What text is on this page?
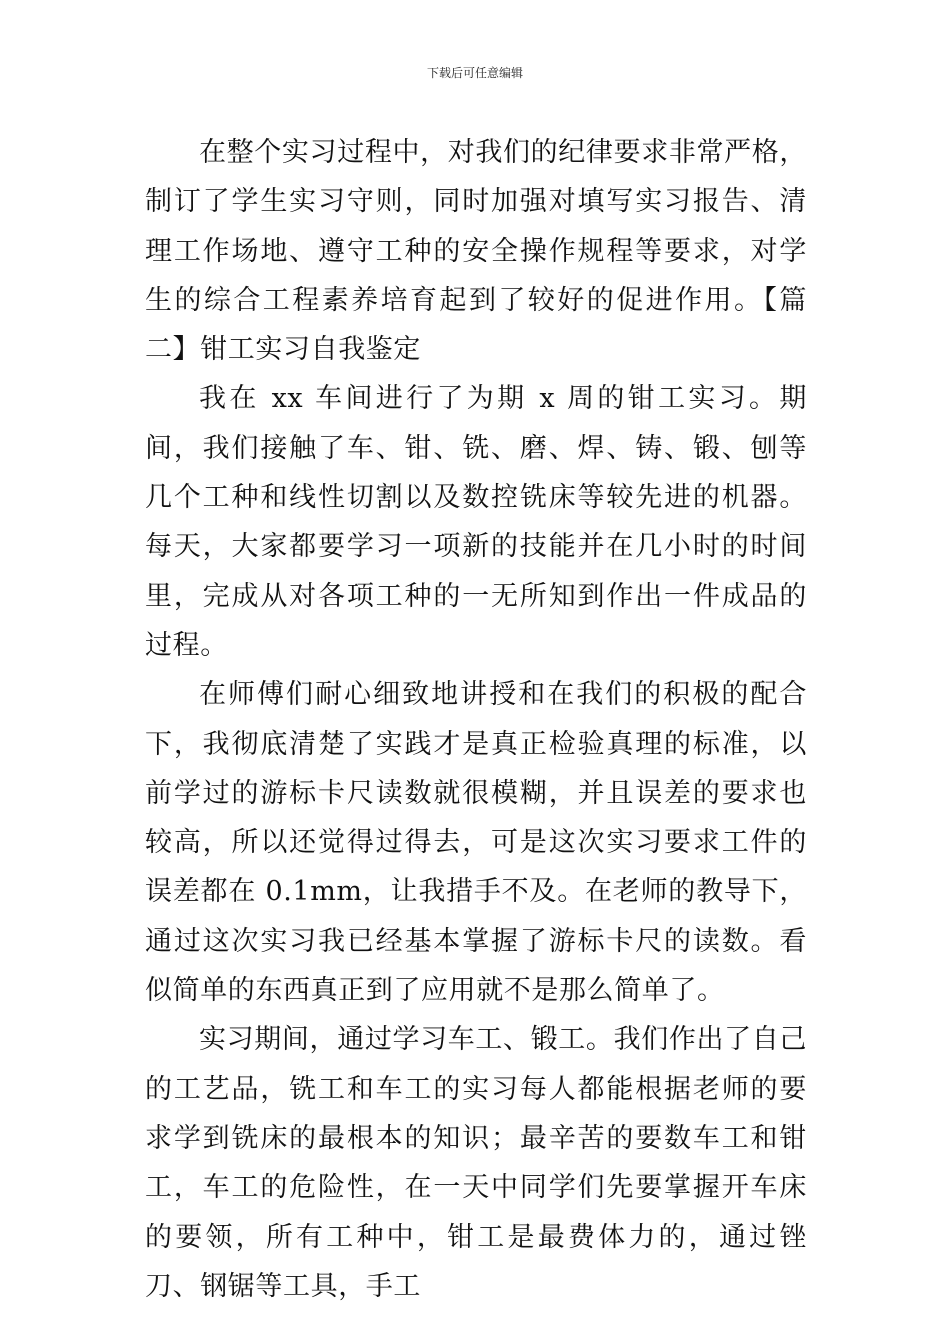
下载后可任意编辑

在整个实习过程中，对我们的纪律要求非常严格，制订了学生实习守则，同时加强对填写实习报告、清理工作场地、遵守工种的安全操作规程等要求，对学生的综合工程素养培育起到了较好的促进作用。【篇二】钳工实习自我鉴定

我在 xx 车间进行了为期 x 周的钳工实习。期间，我们接触了车、钳、铣、磨、焊、铸、锻、刨等几个工种和线性切割以及数控铣床等较先进的机器。每天，大家都要学习一项新的技能并在几小时的时间里，完成从对各项工种的一无所知到作出一件成品的过程。

在师傅们耐心细致地讲授和在我们的积极的配合下，我彻底清楚了实践才是真正检验真理的标准，以前学过的游标卡尺读数就很模糊，并且误差的要求也较高，所以还觉得过得去，可是这次实习要求工件的误差都在 0.1mm，让我措手不及。在老师的教导下，通过这次实习我已经基本掌握了游标卡尺的读数。看似简单的东西真正到了应用就不是那么简单了。

实习期间，通过学习车工、锻工。我们作出了自己的工艺品，铣工和车工的实习每人都能根据老师的要求学到铣床的最根本的知识；最辛苦的要数车工和钳工，车工的危险性，在一天中同学们先要掌握开车床的要领，所有工种中，钳工是最费体力的，通过锉刀、钢锯等工具，手工
